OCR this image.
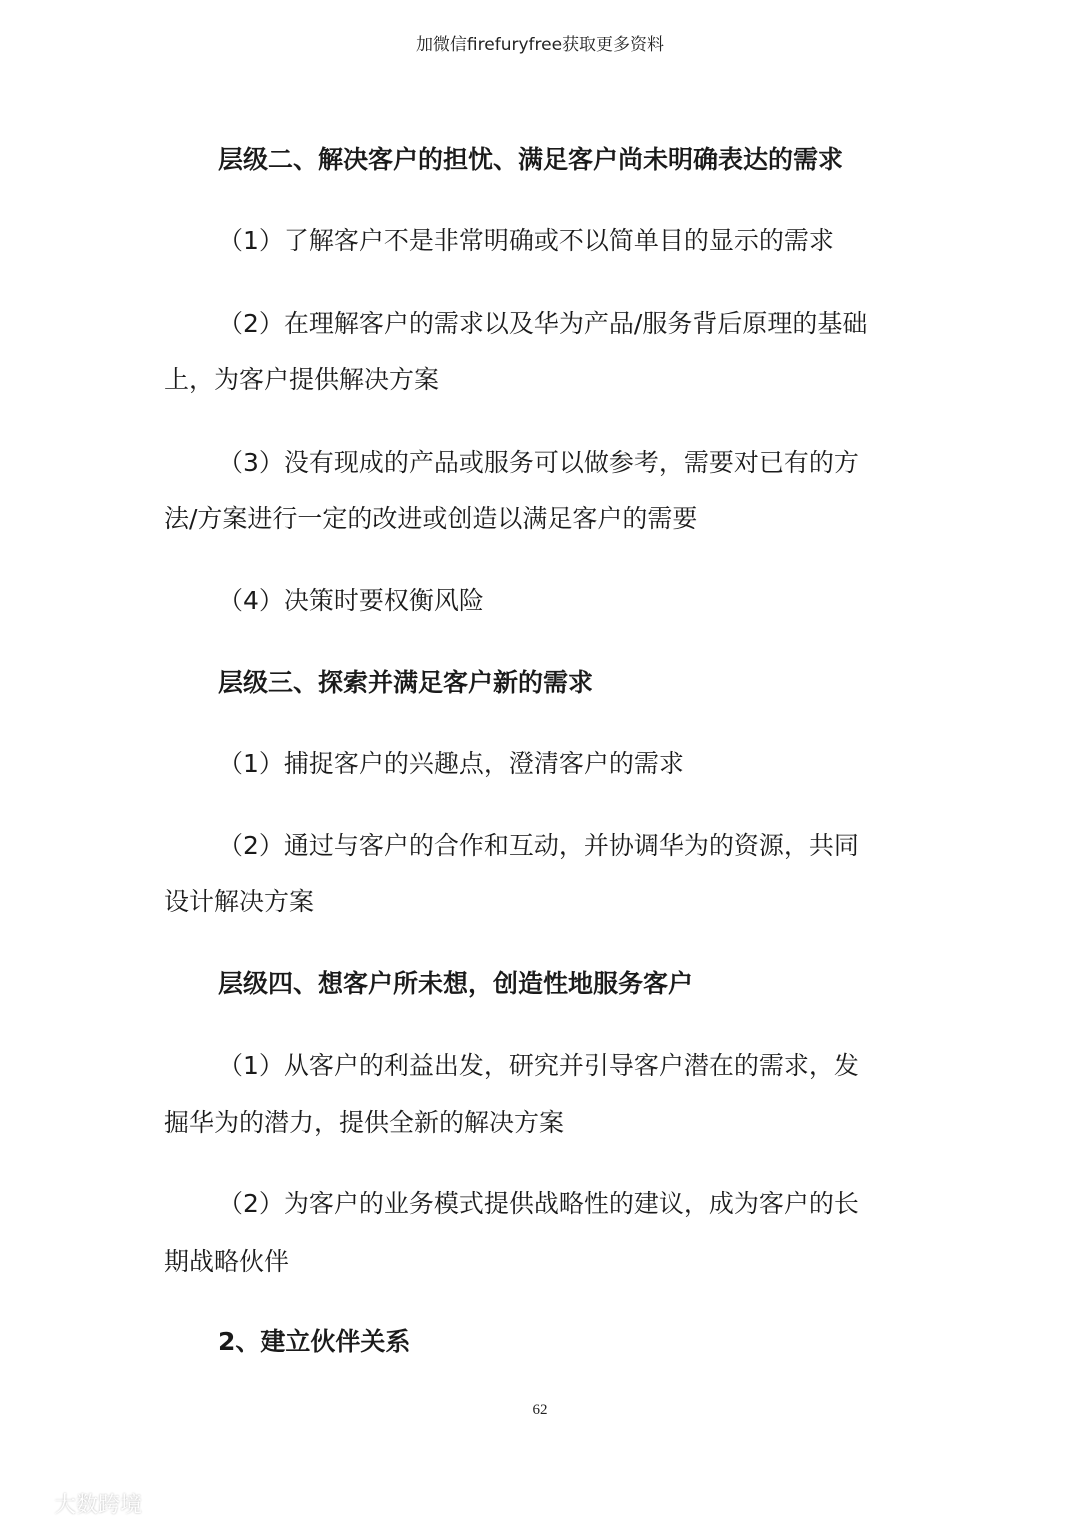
加微信firefuryfree获取更多资料
层级二、解决客户的担忧、满足客户尚未明确表达的需求
（1）了解客户不是非常明确或不以简单目的显示的需求
（2）在理解客户的需求以及华为产品/服务背后原理的基础
上，为客户提供解决方案
（3）没有现成的产品或服务可以做参考，需要对已有的方
法/方案进行一定的改进或创造以满足客户的需要
（4）决策时要权衡风险
层级三、探索并满足客户新的需求
（1）捕捉客户的兴趣点，澄清客户的需求
（2）通过与客户的合作和互动，并协调华为的资源，共同
设计解决方案
层级四、想客户所未想，创造性地服务客户
（1）从客户的利益出发，研究并引导客户潜在的需求，发
掘华为的潜力，提供全新的解决方案
（2）为客户的业务模式提供战略性的建议，成为客户的长
期战略伙伴
2、建立伙伴关系
62
大数跨境
